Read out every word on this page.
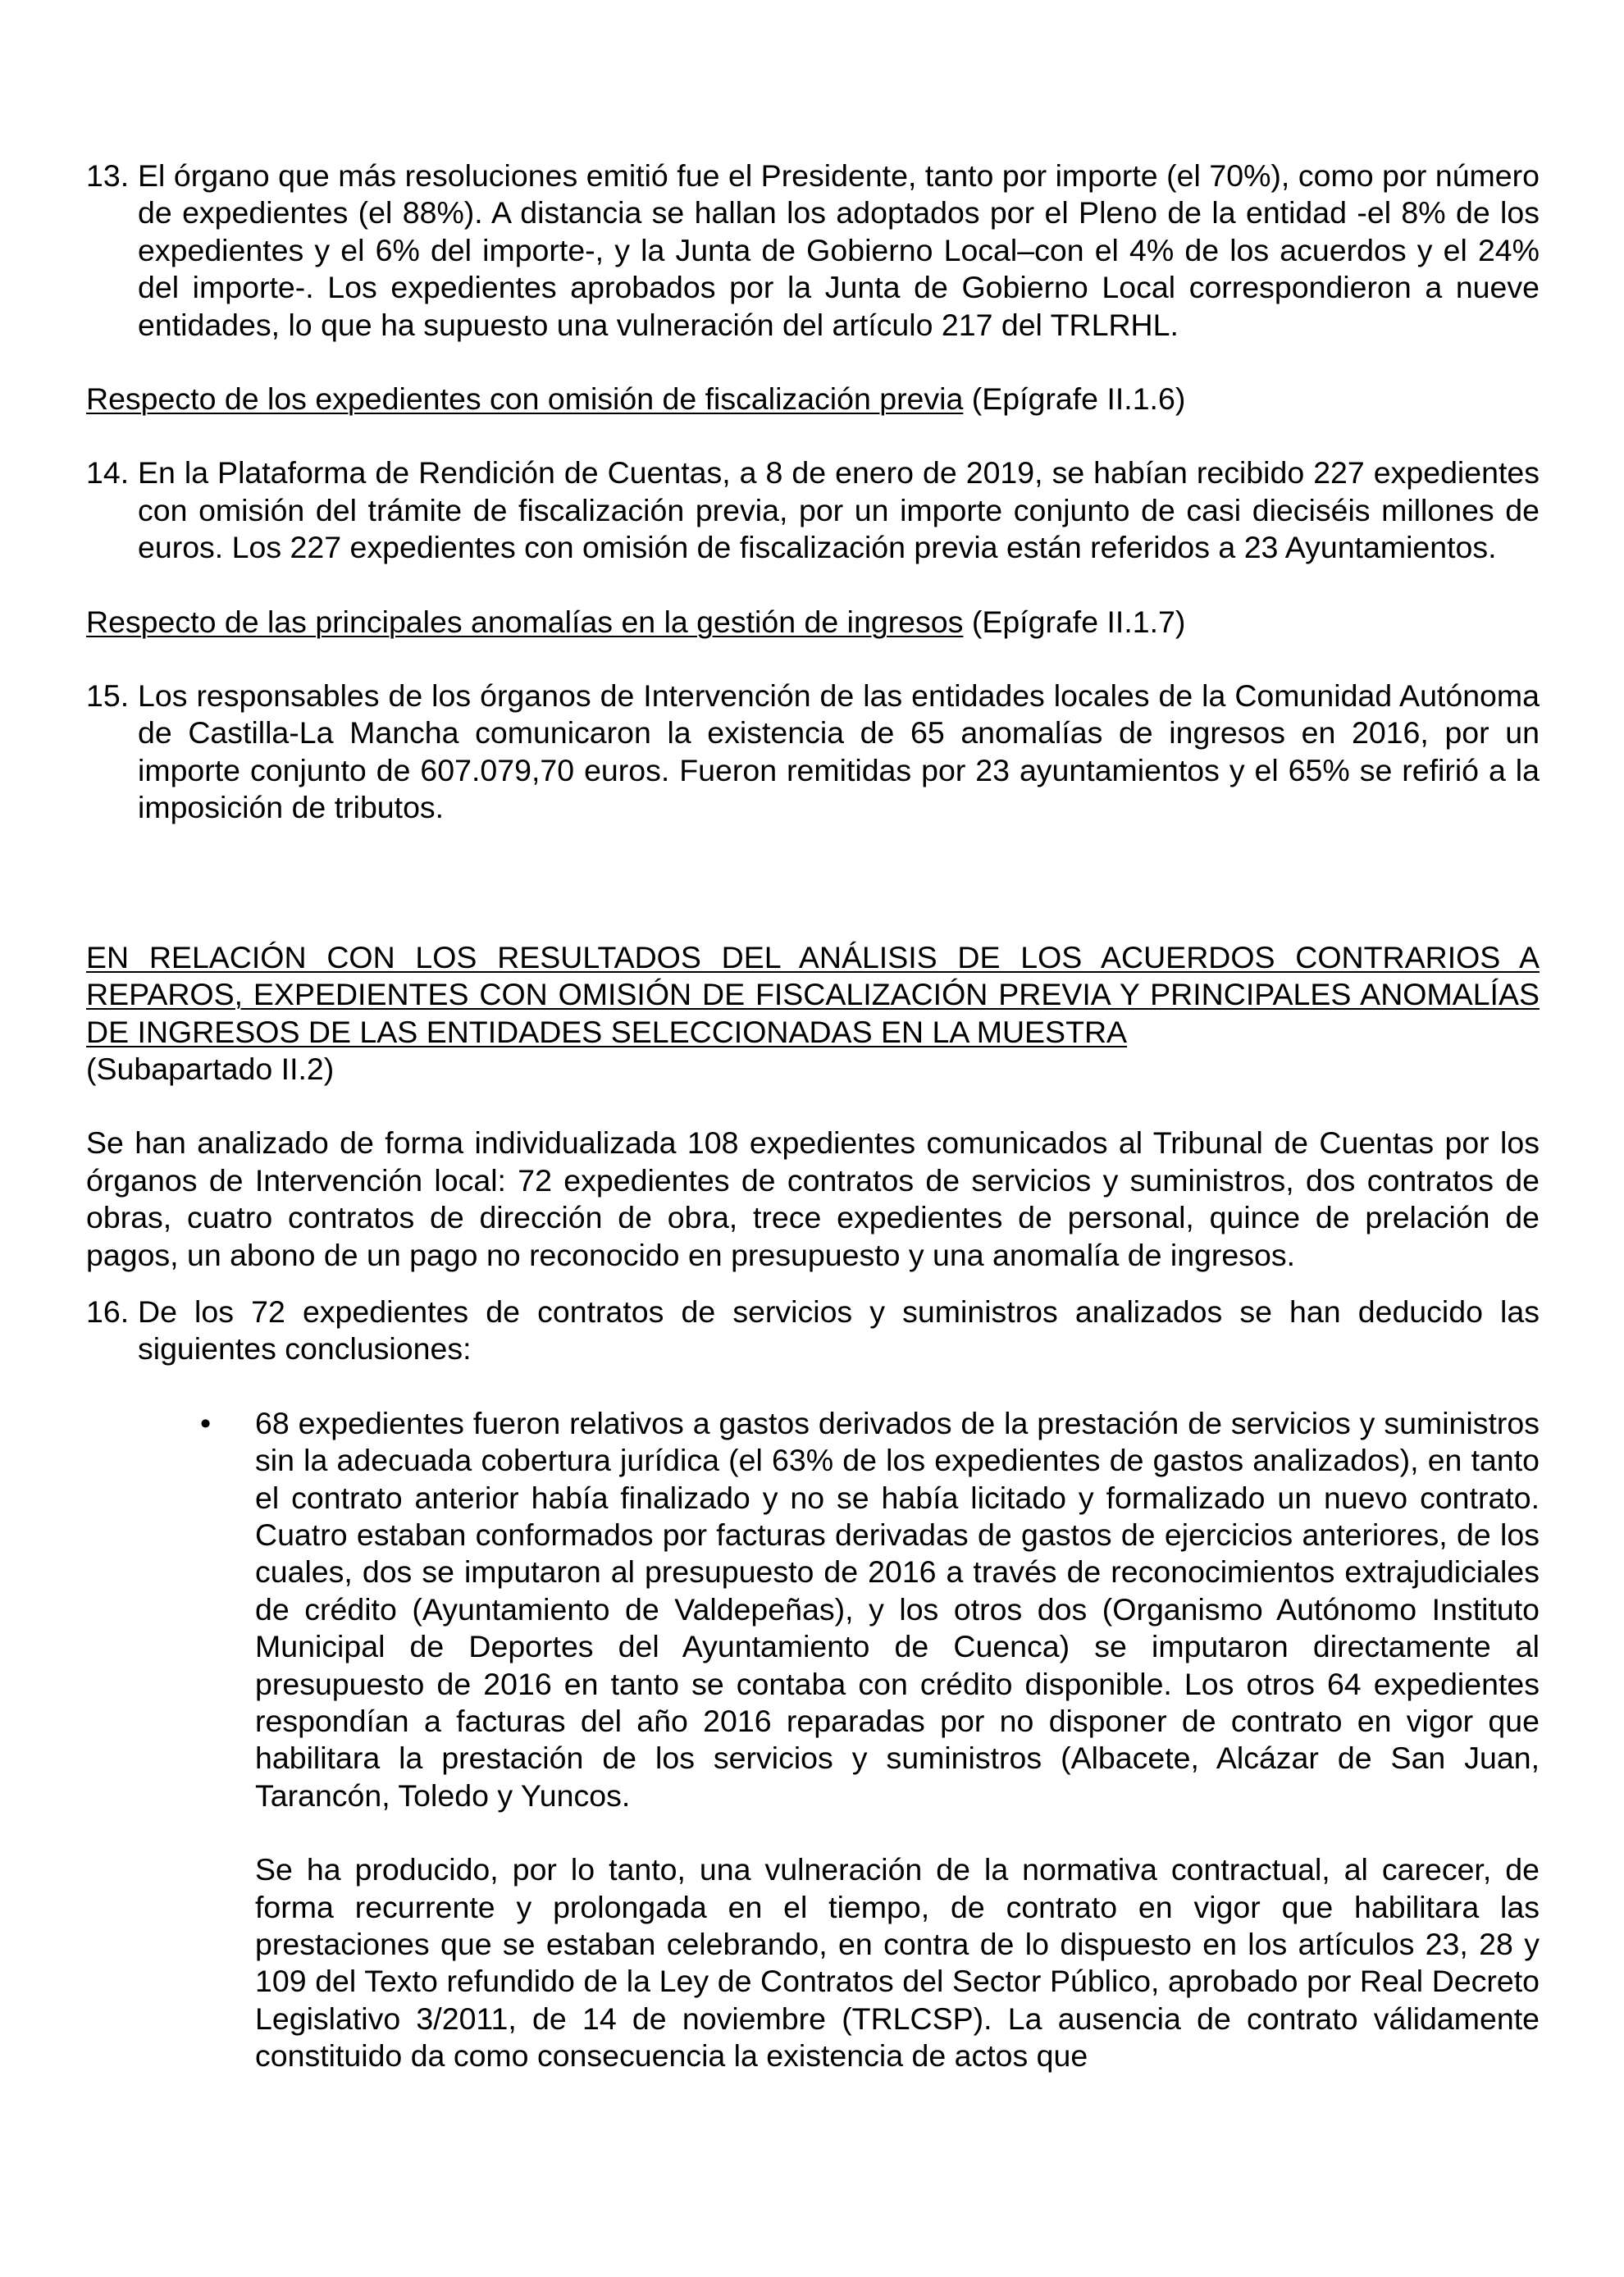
13. El órgano que más resoluciones emitió fue el Presidente, tanto por importe (el 70%), como por número de expedientes (el 88%). A distancia se hallan los adoptados por el Pleno de la entidad -el 8% de los expedientes y el 6% del importe-, y la Junta de Gobierno Local–con el 4% de los acuerdos y el 24% del importe-. Los expedientes aprobados por la Junta de Gobierno Local correspondieron a nueve entidades, lo que ha supuesto una vulneración del artículo 217 del TRLRHL.

Respecto de los expedientes con omisión de fiscalización previa (Epígrafe II.1.6)

14. En la Plataforma de Rendición de Cuentas, a 8 de enero de 2019, se habían recibido 227 expedientes con omisión del trámite de fiscalización previa, por un importe conjunto de casi dieciséis millones de euros. Los 227 expedientes con omisión de fiscalización previa están referidos a 23 Ayuntamientos.

Respecto de las principales anomalías en la gestión de ingresos (Epígrafe II.1.7)

15. Los responsables de los órganos de Intervención de las entidades locales de la Comunidad Autónoma de Castilla-La Mancha comunicaron la existencia de 65 anomalías de ingresos en 2016, por un importe conjunto de 607.079,70 euros. Fueron remitidas por 23 ayuntamientos y el 65% se refirió a la imposición de tributos.

EN RELACIÓN CON LOS RESULTADOS DEL ANÁLISIS DE LOS ACUERDOS CONTRARIOS A REPAROS, EXPEDIENTES CON OMISIÓN DE FISCALIZACIÓN PREVIA Y PRINCIPALES ANOMALÍAS DE INGRESOS DE LAS ENTIDADES SELECCIONADAS EN LA MUESTRA
(Subapartado II.2)

Se han analizado de forma individualizada 108 expedientes comunicados al Tribunal de Cuentas por los órganos de Intervención local: 72 expedientes de contratos de servicios y suministros, dos contratos de obras, cuatro contratos de dirección de obra, trece expedientes de personal, quince de prelación de pagos, un abono de un pago no reconocido en presupuesto y una anomalía de ingresos.

16. De los 72 expedientes de contratos de servicios y suministros analizados se han deducido las siguientes conclusiones:

•	68 expedientes fueron relativos a gastos derivados de la prestación de servicios y suministros sin la adecuada cobertura jurídica (el 63% de los expedientes de gastos analizados), en tanto el contrato anterior había finalizado y no se había licitado y formalizado un nuevo contrato. Cuatro estaban conformados por facturas derivadas de gastos de ejercicios anteriores, de los cuales, dos se imputaron al presupuesto de 2016 a través de reconocimientos extrajudiciales de crédito (Ayuntamiento de Valdepeñas), y los otros dos (Organismo Autónomo Instituto Municipal de Deportes del Ayuntamiento de Cuenca) se imputaron directamente al presupuesto de 2016 en tanto se contaba con crédito disponible. Los otros 64 expedientes respondían a facturas del año 2016 reparadas por no disponer de contrato en vigor que habilitara la prestación de los servicios y suministros (Albacete, Alcázar de San Juan, Tarancón, Toledo y Yuncos.

Se ha producido, por lo tanto, una vulneración de la normativa contractual, al carecer, de forma recurrente y prolongada en el tiempo, de contrato en vigor que habilitara las prestaciones que se estaban celebrando, en contra de lo dispuesto en los artículos 23, 28 y 109 del Texto refundido de la Ley de Contratos del Sector Público, aprobado por Real Decreto Legislativo 3/2011, de 14 de noviembre (TRLCSP). La ausencia de contrato válidamente constituido da como consecuencia la existencia de actos que
